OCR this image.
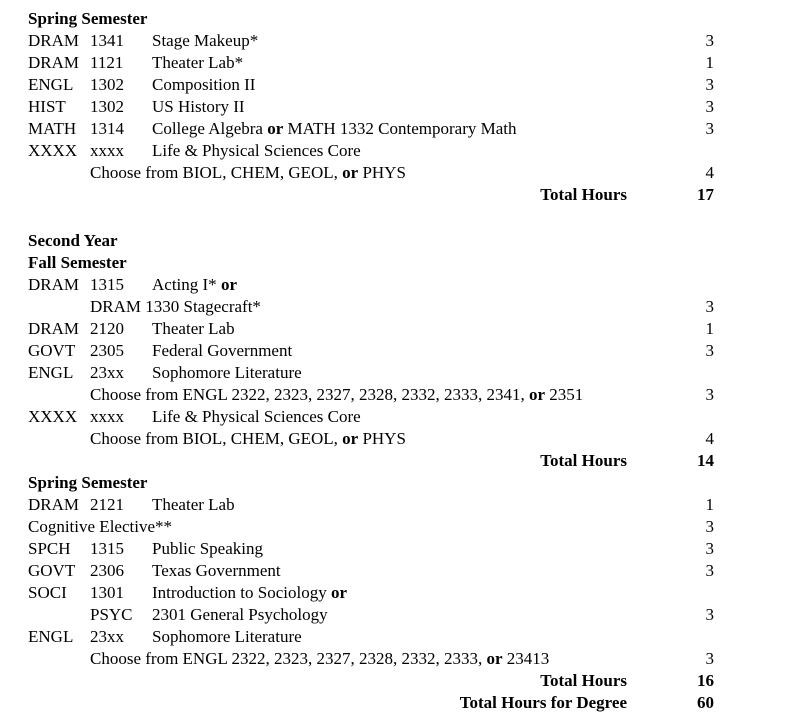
Spring Semester
DRAM 1341 Stage Makeup*	3
DRAM 1121 Theater Lab*	1
ENGL 1302 Composition II	3
HIST 1302 US History II	3
MATH 1314 College Algebra or MATH 1332 Contemporary Math	3
XXXX xxxx Life & Physical Sciences Core
Choose from BIOL, CHEM, GEOL, or PHYS	4
Total Hours	17
Second Year
Fall Semester
DRAM 1315 Acting I* or
DRAM 1330 Stagecraft*	3
DRAM 2120 Theater Lab	1
GOVT 2305 Federal Government	3
ENGL 23xx Sophomore Literature
Choose from ENGL 2322, 2323, 2327, 2328, 2332, 2333, 2341, or 2351	3
XXXX xxxx Life & Physical Sciences Core
Choose from BIOL, CHEM, GEOL, or PHYS	4
Total Hours	14
Spring Semester
DRAM 2121 Theater Lab	1
Cognitive Elective**	3
SPCH 1315 Public Speaking	3
GOVT 2306 Texas Government	3
SOCI 1301 Introduction to Sociology or
PSYC 2301 General Psychology	3
ENGL 23xx Sophomore Literature
Choose from ENGL 2322, 2323, 2327, 2328, 2332, 2333, or 23413	3
Total Hours	16
Total Hours for Degree	60
